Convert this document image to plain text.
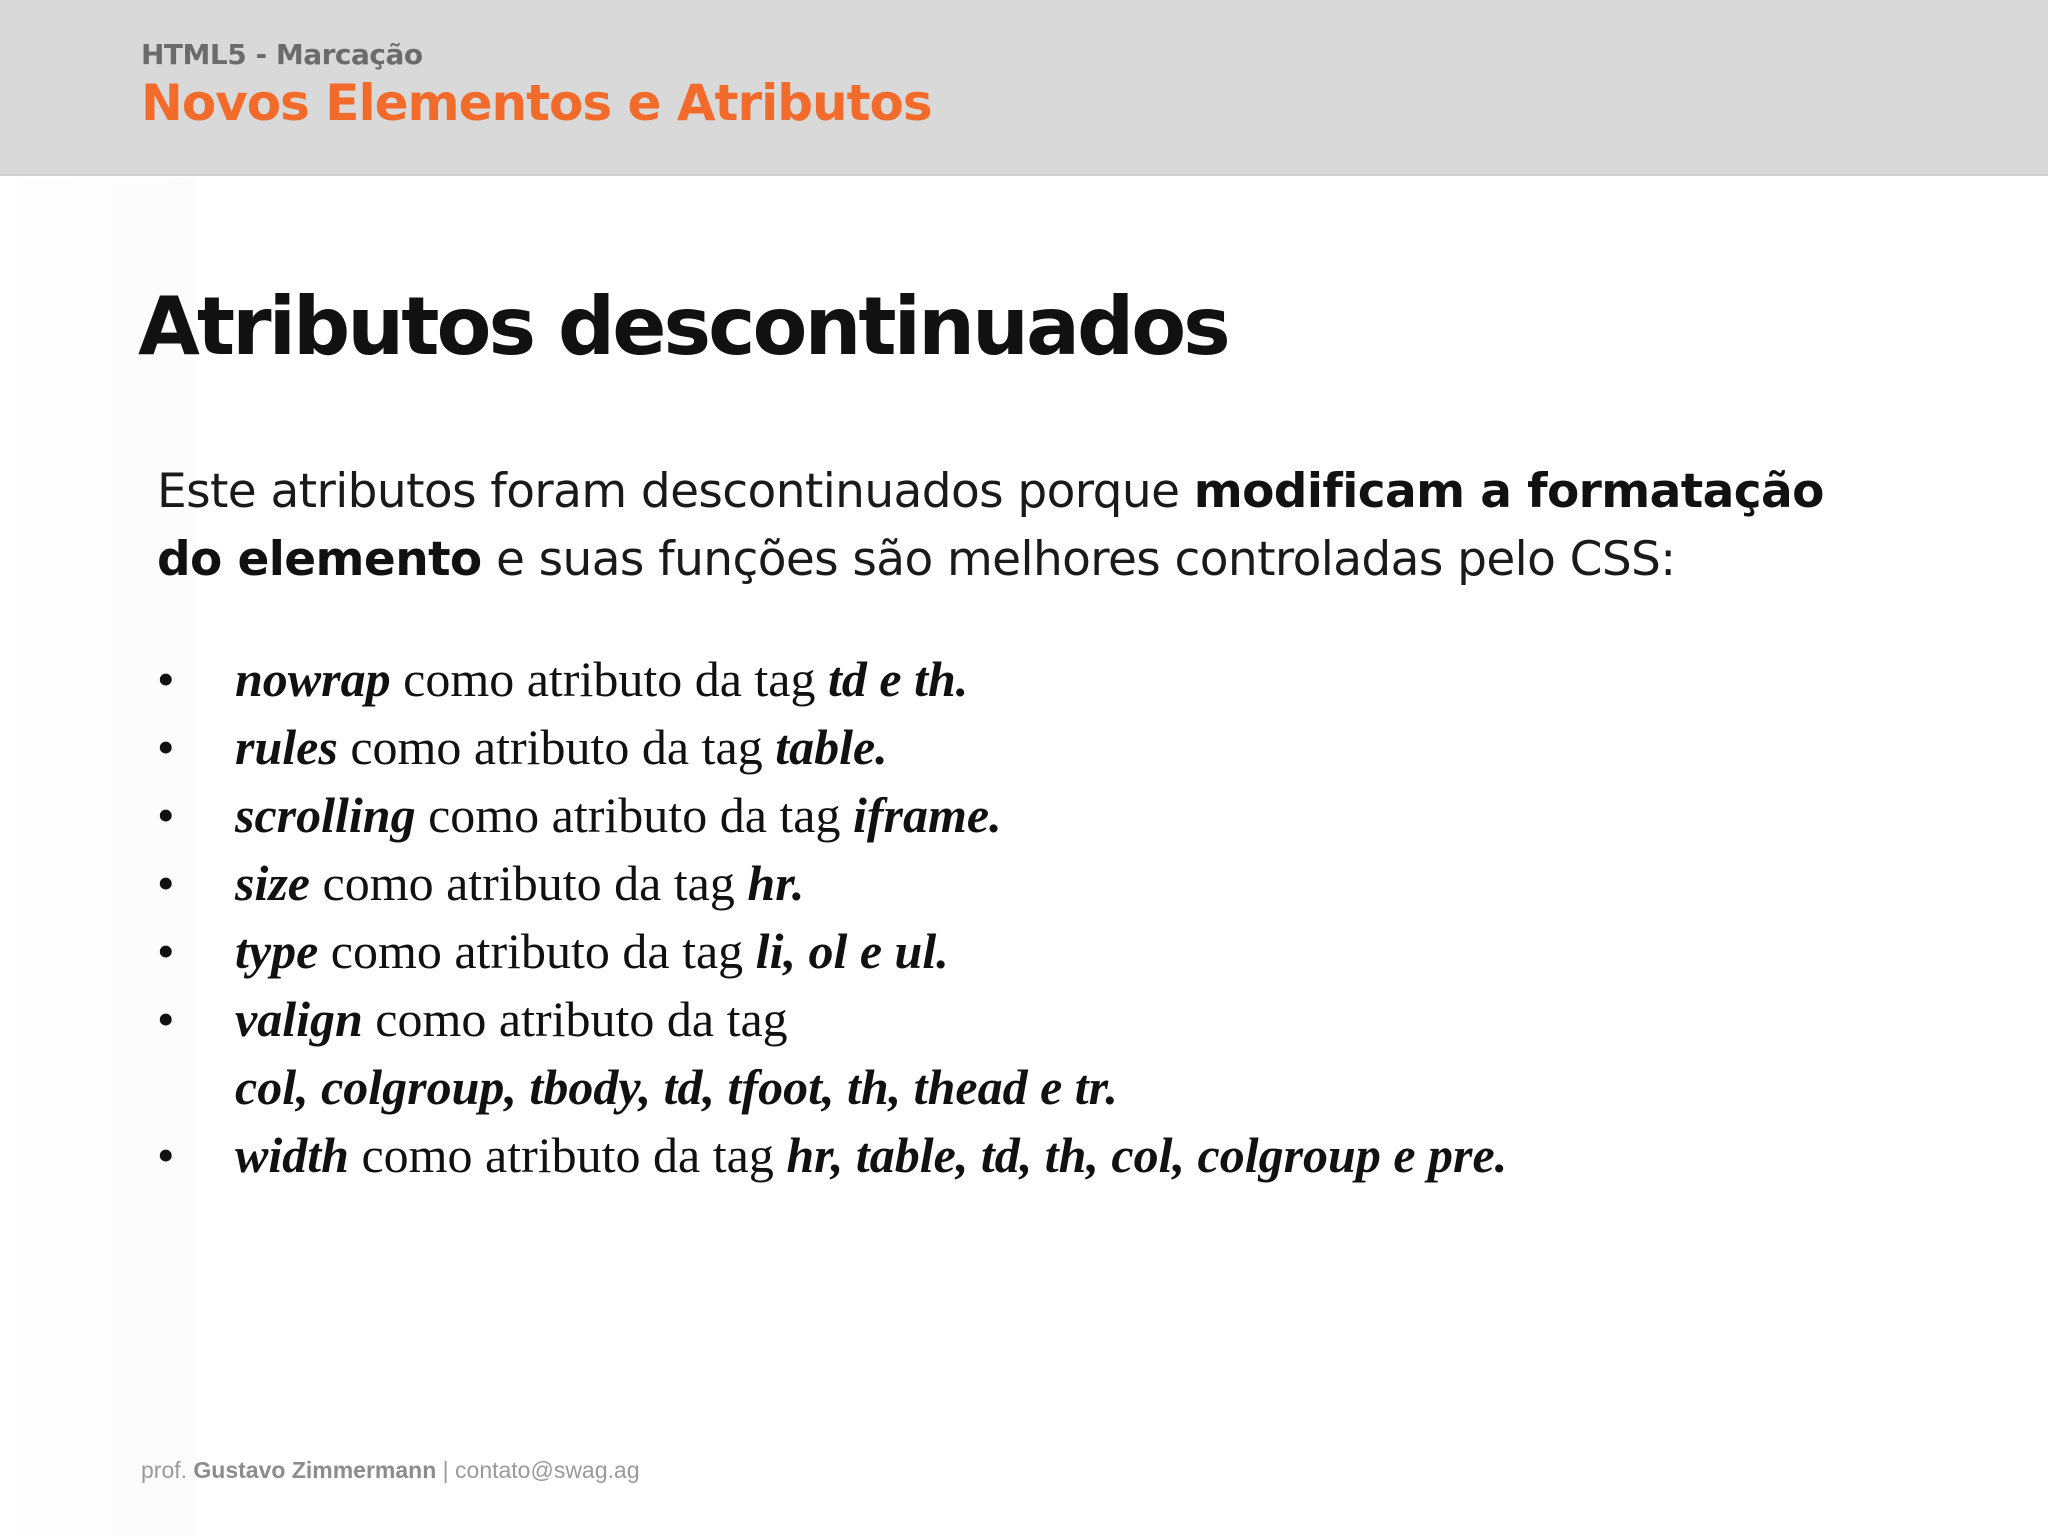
HTML5 - Marcação
Novos Elementos e Atributos
Atributos descontinuados

Este atributos foram descontinuados porque modificam a formatação do elemento e suas funções são melhores controladas pelo CSS:

• nowrap como atributo da tag td e th.
• rules como atributo da tag table.
• scrolling como atributo da tag iframe.
• size como atributo da tag hr.
• type como atributo da tag li, ol e ul.
• valign como atributo da tag
col, colgroup, tbody, td, tfoot, th, thead e tr.
• width como atributo da tag hr, table, td, th, col, colgroup e pre.
prof. Gustavo Zimmermann | contato@swag.ag
